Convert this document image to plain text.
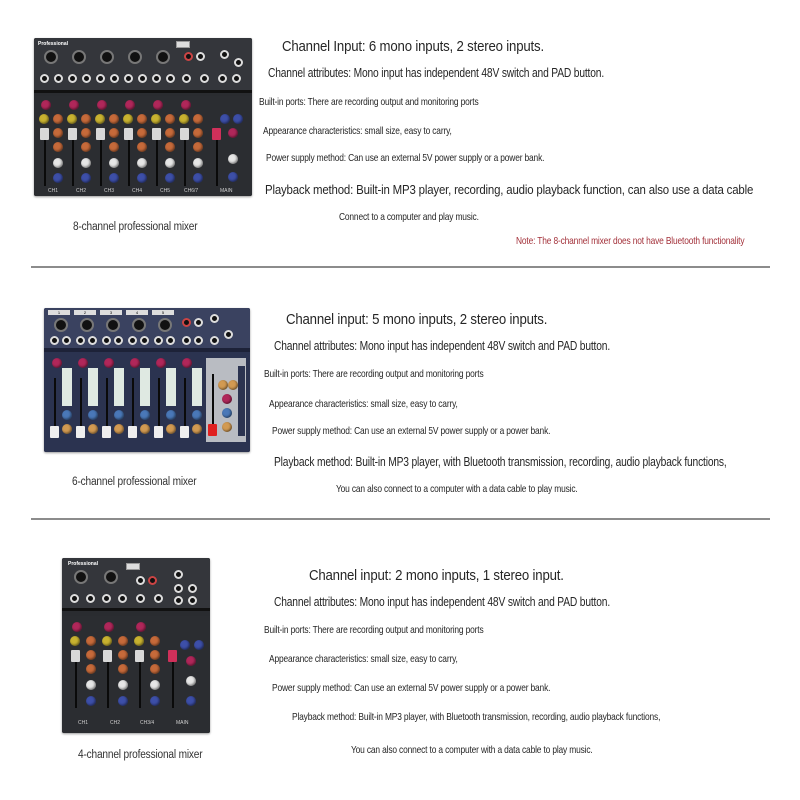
Professional
CH1	CH2	CH3	CH4	CH5	CH6/7	MAIN
8-channel professional mixer
Channel Input: 6 mono inputs, 2 stereo inputs.
Channel attributes: Mono input has independent 48V switch and PAD button.
Built-in ports: There are recording output and monitoring ports
Appearance characteristics: small size, easy to carry,
Power supply method: Can use an external 5V power supply or a power bank.
Playback method: Built-in MP3 player, recording, audio playback function, can also use a data cable
Connect to a computer and play music.
Note: The 8-channel mixer does not have Bluetooth functionality
1	2	3	4	5
6-channel professional mixer
Channel input: 5 mono inputs, 2 stereo inputs.
Channel attributes: Mono input has independent 48V switch and PAD button.
Built-in ports: There are recording output and monitoring ports
Appearance characteristics: small size, easy to carry,
Power supply method: Can use an external 5V power supply or a power bank.
Playback method: Built-in MP3 player, with Bluetooth transmission, recording, audio playback functions,
You can also connect to a computer with a data cable to play music.
Professional
CH1	CH2	CH3/4	MAIN
4-channel professional mixer
Channel input: 2 mono inputs, 1 stereo input.
Channel attributes: Mono input has independent 48V switch and PAD button.
Built-in ports: There are recording output and monitoring ports
Appearance characteristics: small size, easy to carry,
Power supply method: Can use an external 5V power supply or a power bank.
Playback method: Built-in MP3 player, with Bluetooth transmission, recording, audio playback functions,
You can also connect to a computer with a data cable to play music.
